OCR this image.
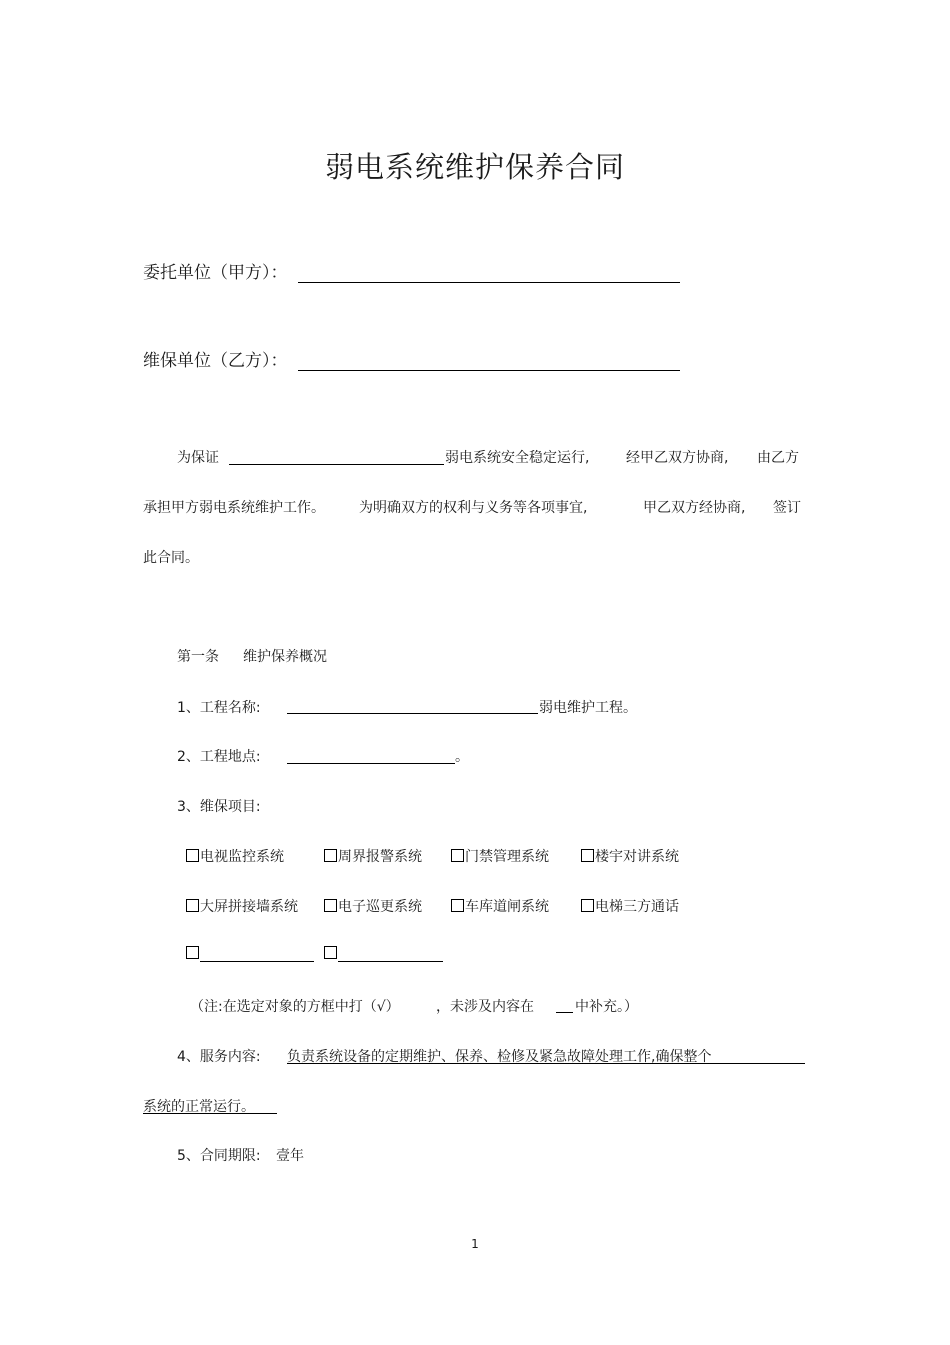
弱电系统维护保养合同
委托单位（甲方）：
维保单位（乙方）：
为保证	弱电系统安全稳定运行,	经甲乙双方协商, 由乙方
承担甲方弱电系统维护工作。 为明确双方的权利与义务等各项事宜,	甲乙双方经协商, 签订
此合同。
第一条 维护保养概况
1、工程名称:	弱电维护工程。
2、工程地点:	。
3、维保项目:
电视监控系统	周界报警系统	门禁管理系统	楼宇对讲系统
大屏拼接墙系统	电子巡更系统	车库道闸系统	电梯三方通话
（注:在选定对象的方框中打（√）	，未涉及内容在	中补充。）
4、服务内容: 负责系统设备的定期维护、保养、检修及紧急故障处理工作,确保整个
系统的正常运行。
5、合同期限: 壹年
1
